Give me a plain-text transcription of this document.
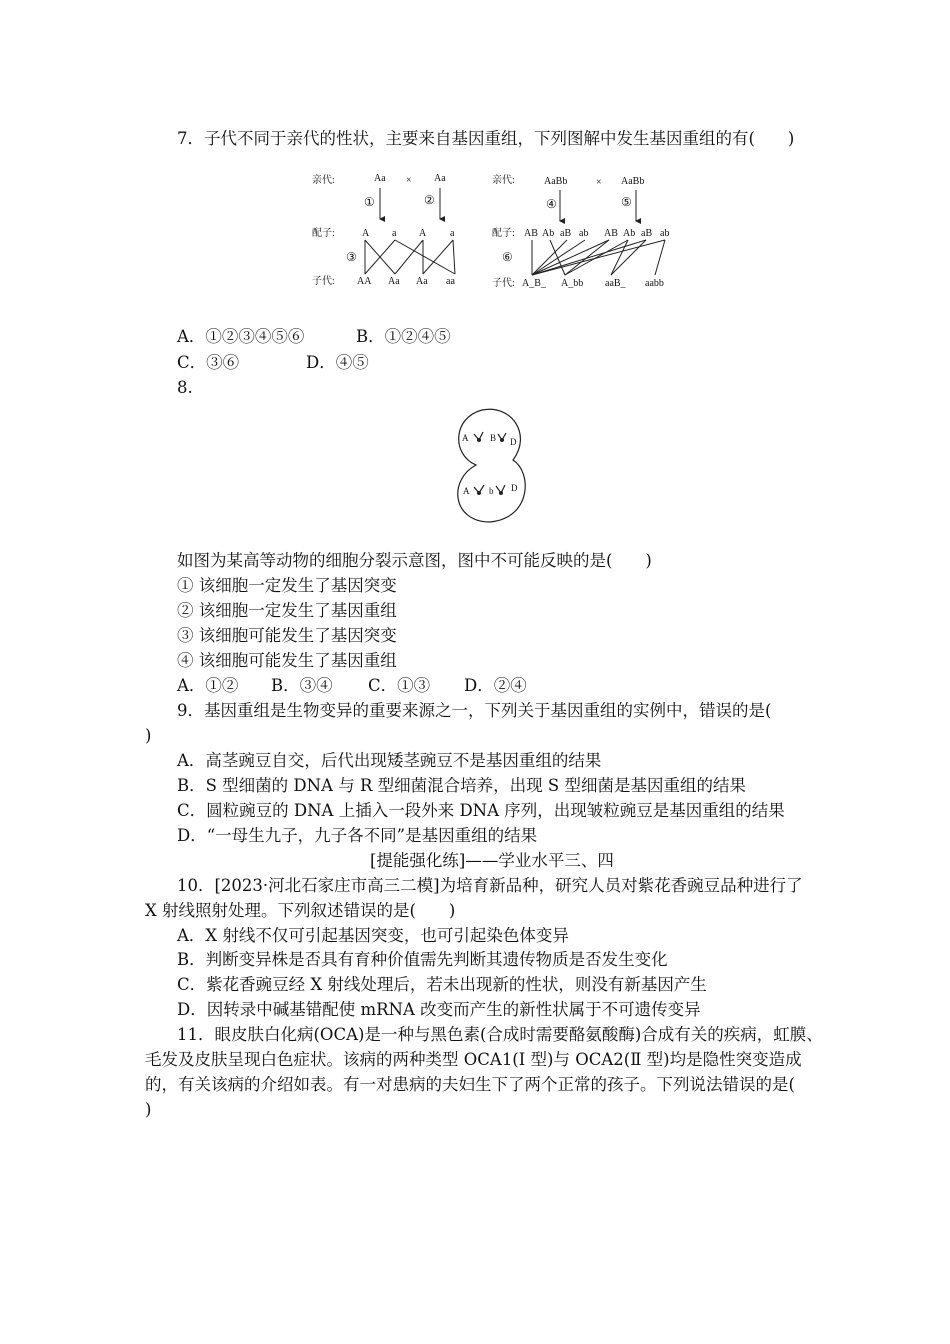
7．子代不同于亲代的性状，主要来自基因重组，下列图解中发生基因重组的有(　　)
亲代:	Aa × Aa
①	②
配子:	A a A a
③
子代: AA Aa Aa aa
亲代:	AaBb	× AaBb
④	⑤
配子: AB Ab aB ab AB Ab aB ab
⑥
子代: A_B_ A_bb aaB_ aabb
A．①②③④⑤⑥	B．①②④⑤
C．③⑥	D．④⑤
8.
A B D
A b D
如图为某高等动物的细胞分裂示意图，图中不可能反映的是(　　)
① 该细胞一定发生了基因突变
② 该细胞一定发生了基因重组
③ 该细胞可能发生了基因突变
④ 该细胞可能发生了基因重组
A．①② B．③④ C．①③ D．②④
9．基因重组是生物变异的重要来源之一，下列关于基因重组的实例中，错误的是(
)
A．高茎豌豆自交，后代出现矮茎豌豆不是基因重组的结果
B．S 型细菌的 DNA 与 R 型细菌混合培养，出现 S 型细菌是基因重组的结果
C．圆粒豌豆的 DNA 上插入一段外来 DNA 序列，出现皱粒豌豆是基因重组的结果
D．“一母生九子，九子各不同”是基因重组的结果
[提能强化练]——学业水平三、四
10．[2023·河北石家庄市高三二模]为培育新品种，研究人员对紫花香豌豆品种进行了
X 射线照射处理。下列叙述错误的是(　　)
A．X 射线不仅可引起基因突变，也可引起染色体变异
B．判断变异株是否具有育种价值需先判断其遗传物质是否发生变化
C．紫花香豌豆经 X 射线处理后，若未出现新的性状，则没有新基因产生
D．因转录中碱基错配使 mRNA 改变而产生的新性状属于不可遗传变异
11．眼皮肤白化病(OCA)是一种与黑色素(合成时需要酪氨酸酶)合成有关的疾病，虹膜、
毛发及皮肤呈现白色症状。该病的两种类型 OCA1(Ⅰ 型)与 OCA2(Ⅱ 型)均是隐性突变造成
的，有关该病的介绍如表。有一对患病的夫妇生下了两个正常的孩子。下列说法错误的是(
)
